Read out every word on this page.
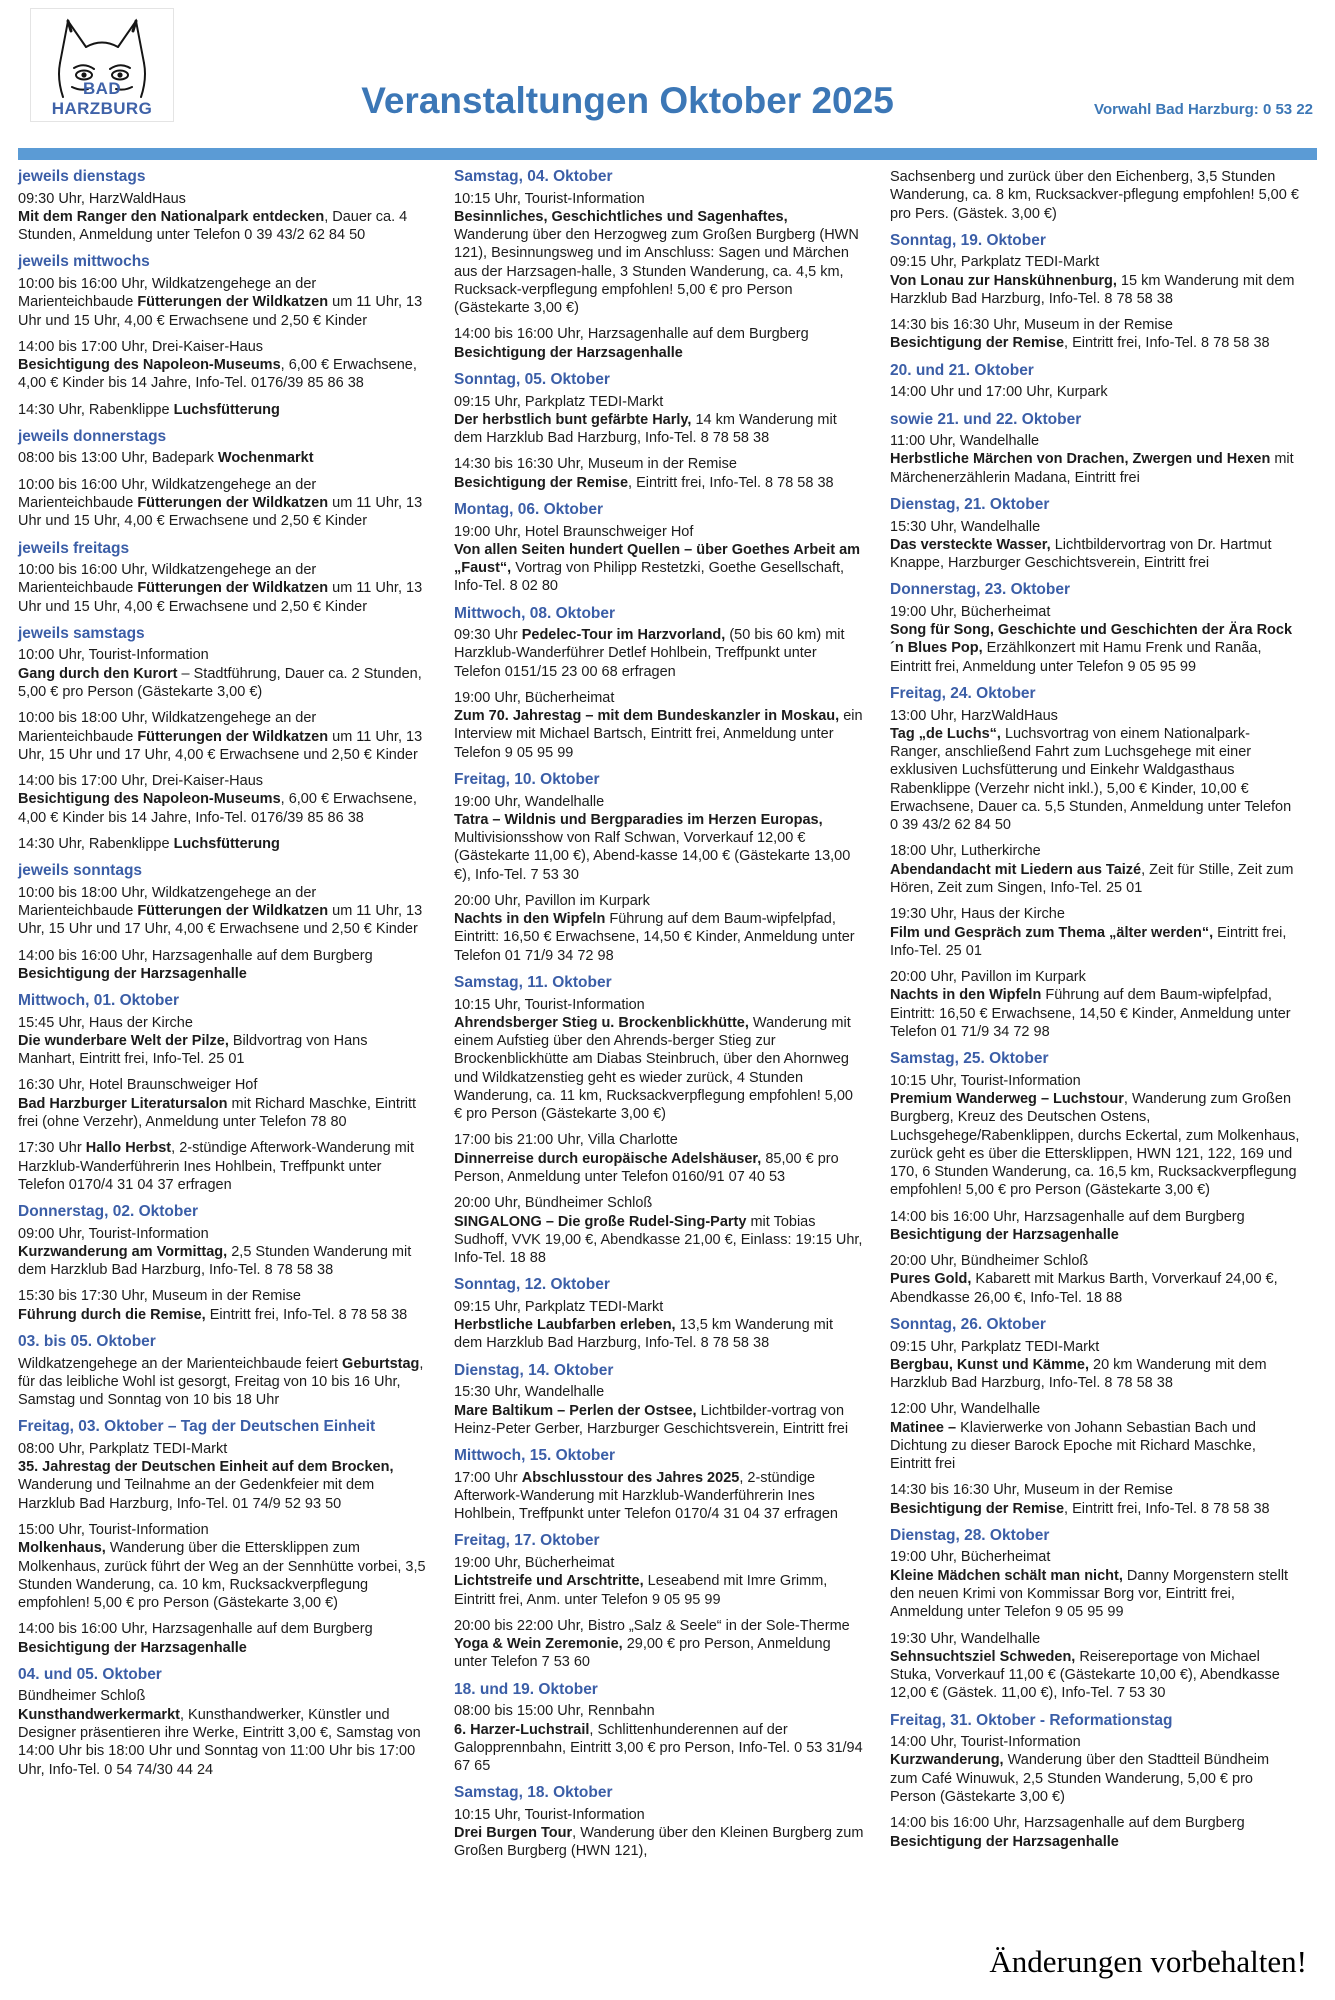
BAD HARZBURG	Veranstaltungen Oktober 2025	Vorwahl Bad Harzburg: 0 53 22
jeweils dienstags

09:30 Uhr, HarzWaldHaus
Mit dem Ranger den Nationalpark entdecken, Dauer ca. 4 Stunden, Anmeldung unter Telefon 0 39 43/2 62 84 50

jeweils mittwochs

10:00 bis 16:00 Uhr, Wildkatzengehege an der Marienteichbaude Fütterungen der Wildkatzen um 11 Uhr, 13 Uhr und 15 Uhr, 4,00 € Erwachsene und 2,50 € Kinder

14:00 bis 17:00 Uhr, Drei-Kaiser-Haus
Besichtigung des Napoleon-Museums, 6,00 € Erwachsene, 4,00 € Kinder bis 14 Jahre, Info-Tel. 0176/39 85 86 38

14:30 Uhr, Rabenklippe Luchsfütterung

jeweils donnerstags

08:00 bis 13:00 Uhr, Badepark Wochenmarkt

10:00 bis 16:00 Uhr, Wildkatzengehege an der Marienteichbaude Fütterungen der Wildkatzen um 11 Uhr, 13 Uhr und 15 Uhr, 4,00 € Erwachsene und 2,50 € Kinder

jeweils freitags

10:00 bis 16:00 Uhr, Wildkatzengehege an der Marienteichbaude Fütterungen der Wildkatzen um 11 Uhr, 13 Uhr und 15 Uhr, 4,00 € Erwachsene und 2,50 € Kinder

jeweils samstags

10:00 Uhr, Tourist-Information
Gang durch den Kurort – Stadtführung, Dauer ca. 2 Stunden, 5,00 € pro Person (Gästekarte 3,00 €)

10:00 bis 18:00 Uhr, Wildkatzengehege an der Marienteichbaude Fütterungen der Wildkatzen um 11 Uhr, 13 Uhr, 15 Uhr und 17 Uhr, 4,00 € Erwachsene und 2,50 € Kinder

14:00 bis 17:00 Uhr, Drei-Kaiser-Haus
Besichtigung des Napoleon-Museums, 6,00 € Erwachsene, 4,00 € Kinder bis 14 Jahre, Info-Tel. 0176/39 85 86 38

14:30 Uhr, Rabenklippe Luchsfütterung

jeweils sonntags

10:00 bis 18:00 Uhr, Wildkatzengehege an der Marienteichbaude Fütterungen der Wildkatzen um 11 Uhr, 13 Uhr, 15 Uhr und 17 Uhr, 4,00 € Erwachsene und 2,50 € Kinder

14:00 bis 16:00 Uhr, Harzsagenhalle auf dem Burgberg Besichtigung der Harzsagenhalle

Mittwoch, 01. Oktober

15:45 Uhr, Haus der Kirche
Die wunderbare Welt der Pilze, Bildvortrag von Hans Manhart, Eintritt frei, Info-Tel. 25 01

16:30 Uhr, Hotel Braunschweiger Hof
Bad Harzburger Literatursalon mit Richard Maschke, Eintritt frei (ohne Verzehr), Anmeldung unter Telefon 78 80

17:30 Uhr Hallo Herbst, 2-stündige Afterwork-Wanderung mit Harzklub-Wanderführerin Ines Hohlbein, Treffpunkt unter Telefon 0170/4 31 04 37 erfragen

Donnerstag, 02. Oktober

09:00 Uhr, Tourist-Information
Kurzwanderung am Vormittag, 2,5 Stunden Wanderung mit dem Harzklub Bad Harzburg, Info-Tel. 8 78 58 38

15:30 bis 17:30 Uhr, Museum in der Remise
Führung durch die Remise, Eintritt frei, Info-Tel. 8 78 58 38

03. bis 05. Oktober

Wildkatzengehege an der Marienteichbaude feiert Geburtstag, für das leibliche Wohl ist gesorgt, Freitag von 10 bis 16 Uhr, Samstag und Sonntag von 10 bis 18 Uhr

Freitag, 03. Oktober – Tag der Deutschen Einheit

08:00 Uhr, Parkplatz TEDI-Markt
35. Jahrestag der Deutschen Einheit auf dem Brocken, Wanderung und Teilnahme an der Gedenkfeier mit dem Harzklub Bad Harzburg, Info-Tel. 01 74/9 52 93 50

15:00 Uhr, Tourist-Information
Molkenhaus, Wanderung über die Ettersklippen zum Molkenhaus, zurück führt der Weg an der Sennhütte vorbei, 3,5 Stunden Wanderung, ca. 10 km, Rucksackverpflegung empfohlen! 5,00 € pro Person (Gästekarte 3,00 €)

14:00 bis 16:00 Uhr, Harzsagenhalle auf dem Burgberg Besichtigung der Harzsagenhalle

04. und 05. Oktober

Bündheimer Schloß
Kunsthandwerkermarkt, Kunsthandwerker, Künstler und Designer präsentieren ihre Werke, Eintritt 3,00 €, Samstag von 14:00 Uhr bis 18:00 Uhr und Sonntag von 11:00 Uhr bis 17:00 Uhr, Info-Tel. 0 54 74/30 44 24

Samstag, 04. Oktober

10:15 Uhr, Tourist-Information
Besinnliches, Geschichtliches und Sagenhaftes, Wanderung über den Herzogweg zum Großen Burgberg (HWN 121), Besinnungsweg und im Anschluss: Sagen und Märchen aus der Harzsagen-halle, 3 Stunden Wanderung, ca. 4,5 km, Rucksack-verpflegung empfohlen! 5,00 € pro Person (Gästekarte 3,00 €)

14:00 bis 16:00 Uhr, Harzsagenhalle auf dem Burgberg Besichtigung der Harzsagenhalle

Sonntag, 05. Oktober

09:15 Uhr, Parkplatz TEDI-Markt
Der herbstlich bunt gefärbte Harly, 14 km Wanderung mit dem Harzklub Bad Harzburg, Info-Tel. 8 78 58 38

14:30 bis 16:30 Uhr, Museum in der Remise
Besichtigung der Remise, Eintritt frei, Info-Tel. 8 78 58 38

Montag, 06. Oktober

19:00 Uhr, Hotel Braunschweiger Hof
Von allen Seiten hundert Quellen – über Goethes Arbeit am „Faust“, Vortrag von Philipp Restetzki, Goethe Gesellschaft, Info-Tel. 8 02 80

Mittwoch, 08. Oktober

09:30 Uhr Pedelec-Tour im Harzvorland, (50 bis 60 km) mit Harzklub-Wanderführer Detlef Hohlbein, Treffpunkt unter Telefon 0151/15 23 00 68 erfragen

19:00 Uhr, Bücherheimat
Zum 70. Jahrestag – mit dem Bundeskanzler in Moskau, ein Interview mit Michael Bartsch, Eintritt frei, Anmeldung unter Telefon 9 05 95 99

Freitag, 10. Oktober

19:00 Uhr, Wandelhalle
Tatra – Wildnis und Bergparadies im Herzen Europas, Multivisionsshow von Ralf Schwan, Vorverkauf 12,00 € (Gästekarte 11,00 €), Abend-kasse 14,00 € (Gästekarte 13,00 €), Info-Tel. 7 53 30

20:00 Uhr, Pavillon im Kurpark
Nachts in den Wipfeln Führung auf dem Baum-wipfelpfad, Eintritt: 16,50 € Erwachsene, 14,50 € Kinder, Anmeldung unter Telefon 01 71/9 34 72 98

Samstag, 11. Oktober

10:15 Uhr, Tourist-Information
Ahrendsberger Stieg u. Brockenblickhütte, Wanderung mit einem Aufstieg über den Ahrends-berger Stieg zur Brockenblickhütte am Diabas Steinbruch, über den Ahornweg und Wildkatzenstieg geht es wieder zurück, 4 Stunden Wanderung, ca. 11 km, Rucksackverpflegung empfohlen! 5,00 € pro Person (Gästekarte 3,00 €)

17:00 bis 21:00 Uhr, Villa Charlotte
Dinnerreise durch europäische Adelshäuser, 85,00 € pro Person, Anmeldung unter Telefon 0160/91 07 40 53

20:00 Uhr, Bündheimer Schloß
SINGALONG – Die große Rudel-Sing-Party mit Tobias Sudhoff, VVK 19,00 €, Abendkasse 21,00 €, Einlass: 19:15 Uhr, Info-Tel. 18 88

Sonntag, 12. Oktober

09:15 Uhr, Parkplatz TEDI-Markt
Herbstliche Laubfarben erleben, 13,5 km Wanderung mit dem Harzklub Bad Harzburg, Info-Tel. 8 78 58 38

Dienstag, 14. Oktober

15:30 Uhr, Wandelhalle
Mare Baltikum – Perlen der Ostsee, Lichtbilder-vortrag von Heinz-Peter Gerber, Harzburger Geschichtsverein, Eintritt frei

Mittwoch, 15. Oktober

17:00 Uhr Abschlusstour des Jahres 2025, 2-stündige Afterwork-Wanderung mit Harzklub-Wanderführerin Ines Hohlbein, Treffpunkt unter Telefon 0170/4 31 04 37 erfragen

Freitag, 17. Oktober

19:00 Uhr, Bücherheimat
Lichtstreife und Arschtritte, Leseabend mit Imre Grimm, Eintritt frei, Anm. unter Telefon 9 05 95 99

20:00 bis 22:00 Uhr, Bistro „Salz & Seele“ in der Sole-Therme Yoga & Wein Zeremonie, 29,00 € pro Person, Anmeldung unter Telefon 7 53 60

18. und 19. Oktober

08:00 bis 15:00 Uhr, Rennbahn
6. Harzer-Luchstrail, Schlittenhunderennen auf der Galopprennbahn, Eintritt 3,00 € pro Person, Info-Tel. 0 53 31/94 67 65

Samstag, 18. Oktober

10:15 Uhr, Tourist-Information
Drei Burgen Tour, Wanderung über den Kleinen Burgberg zum Großen Burgberg (HWN 121),

Sachsenberg und zurück über den Eichenberg, 3,5 Stunden Wanderung, ca. 8 km, Rucksackver-pflegung empfohlen! 5,00 € pro Pers. (Gästek. 3,00 €)

Sonntag, 19. Oktober

09:15 Uhr, Parkplatz TEDI-Markt
Von Lonau zur Hanskühnenburg, 15 km Wanderung mit dem Harzklub Bad Harzburg, Info-Tel. 8 78 58 38

14:30 bis 16:30 Uhr, Museum in der Remise
Besichtigung der Remise, Eintritt frei, Info-Tel. 8 78 58 38

20. und 21. Oktober

14:00 Uhr und 17:00 Uhr, Kurpark

sowie 21. und 22. Oktober

11:00 Uhr, Wandelhalle
Herbstliche Märchen von Drachen, Zwergen und Hexen mit Märchenerzählerin Madana, Eintritt frei

Dienstag, 21. Oktober

15:30 Uhr, Wandelhalle
Das versteckte Wasser, Lichtbildervortrag von Dr. Hartmut Knappe, Harzburger Geschichtsverein, Eintritt frei

Donnerstag, 23. Oktober

19:00 Uhr, Bücherheimat
Song für Song, Geschichte und Geschichten der Ära Rock´n Blues Pop, Erzählkonzert mit Hamu Frenk und Ranãa, Eintritt frei, Anmeldung unter Telefon 9 05 95 99

Freitag, 24. Oktober

13:00 Uhr, HarzWaldHaus
Tag „de Luchs“, Luchsvortrag von einem Nationalpark-Ranger, anschließend Fahrt zum Luchsgehege mit einer exklusiven Luchsfütterung und Einkehr Waldgasthaus Rabenklippe (Verzehr nicht inkl.), 5,00 € Kinder, 10,00 € Erwachsene, Dauer ca. 5,5 Stunden, Anmeldung unter Telefon 0 39 43/2 62 84 50

18:00 Uhr, Lutherkirche
Abendandacht mit Liedern aus Taizé, Zeit für Stille, Zeit zum Hören, Zeit zum Singen, Info-Tel. 25 01

19:30 Uhr, Haus der Kirche
Film und Gespräch zum Thema „älter werden“, Eintritt frei, Info-Tel. 25 01

20:00 Uhr, Pavillon im Kurpark
Nachts in den Wipfeln Führung auf dem Baum-wipfelpfad, Eintritt: 16,50 € Erwachsene, 14,50 € Kinder, Anmeldung unter Telefon 01 71/9 34 72 98

Samstag, 25. Oktober

10:15 Uhr, Tourist-Information
Premium Wanderweg – Luchstour, Wanderung zum Großen Burgberg, Kreuz des Deutschen Ostens, Luchsgehege/Rabenklippen, durchs Eckertal, zum Molkenhaus, zurück geht es über die Ettersklippen, HWN 121, 122, 169 und 170, 6 Stunden Wanderung, ca. 16,5 km, Rucksackverpflegung empfohlen! 5,00 € pro Person (Gästekarte 3,00 €)

14:00 bis 16:00 Uhr, Harzsagenhalle auf dem Burgberg Besichtigung der Harzsagenhalle

20:00 Uhr, Bündheimer Schloß
Pures Gold, Kabarett mit Markus Barth, Vorverkauf 24,00 €, Abendkasse 26,00 €, Info-Tel. 18 88

Sonntag, 26. Oktober

09:15 Uhr, Parkplatz TEDI-Markt
Bergbau, Kunst und Kämme, 20 km Wanderung mit dem Harzklub Bad Harzburg, Info-Tel. 8 78 58 38

12:00 Uhr, Wandelhalle
Matinee – Klavierwerke von Johann Sebastian Bach und Dichtung zu dieser Barock Epoche mit Richard Maschke, Eintritt frei

14:30 bis 16:30 Uhr, Museum in der Remise
Besichtigung der Remise, Eintritt frei, Info-Tel. 8 78 58 38

Dienstag, 28. Oktober

19:00 Uhr, Bücherheimat
Kleine Mädchen schält man nicht, Danny Morgenstern stellt den neuen Krimi von Kommissar Borg vor, Eintritt frei, Anmeldung unter Telefon 9 05 95 99

19:30 Uhr, Wandelhalle
Sehnsuchtsziel Schweden, Reisereportage von Michael Stuka, Vorverkauf 11,00 € (Gästekarte 10,00 €), Abendkasse 12,00 € (Gästek. 11,00 €), Info-Tel. 7 53 30

Freitag, 31. Oktober - Reformationstag

14:00 Uhr, Tourist-Information
Kurzwanderung, Wanderung über den Stadtteil Bündheim zum Café Winuwuk, 2,5 Stunden Wanderung, 5,00 € pro Person (Gästekarte 3,00 €)

14:00 bis 16:00 Uhr, Harzsagenhalle auf dem Burgberg Besichtigung der Harzsagenhalle

Änderungen vorbehalten!
